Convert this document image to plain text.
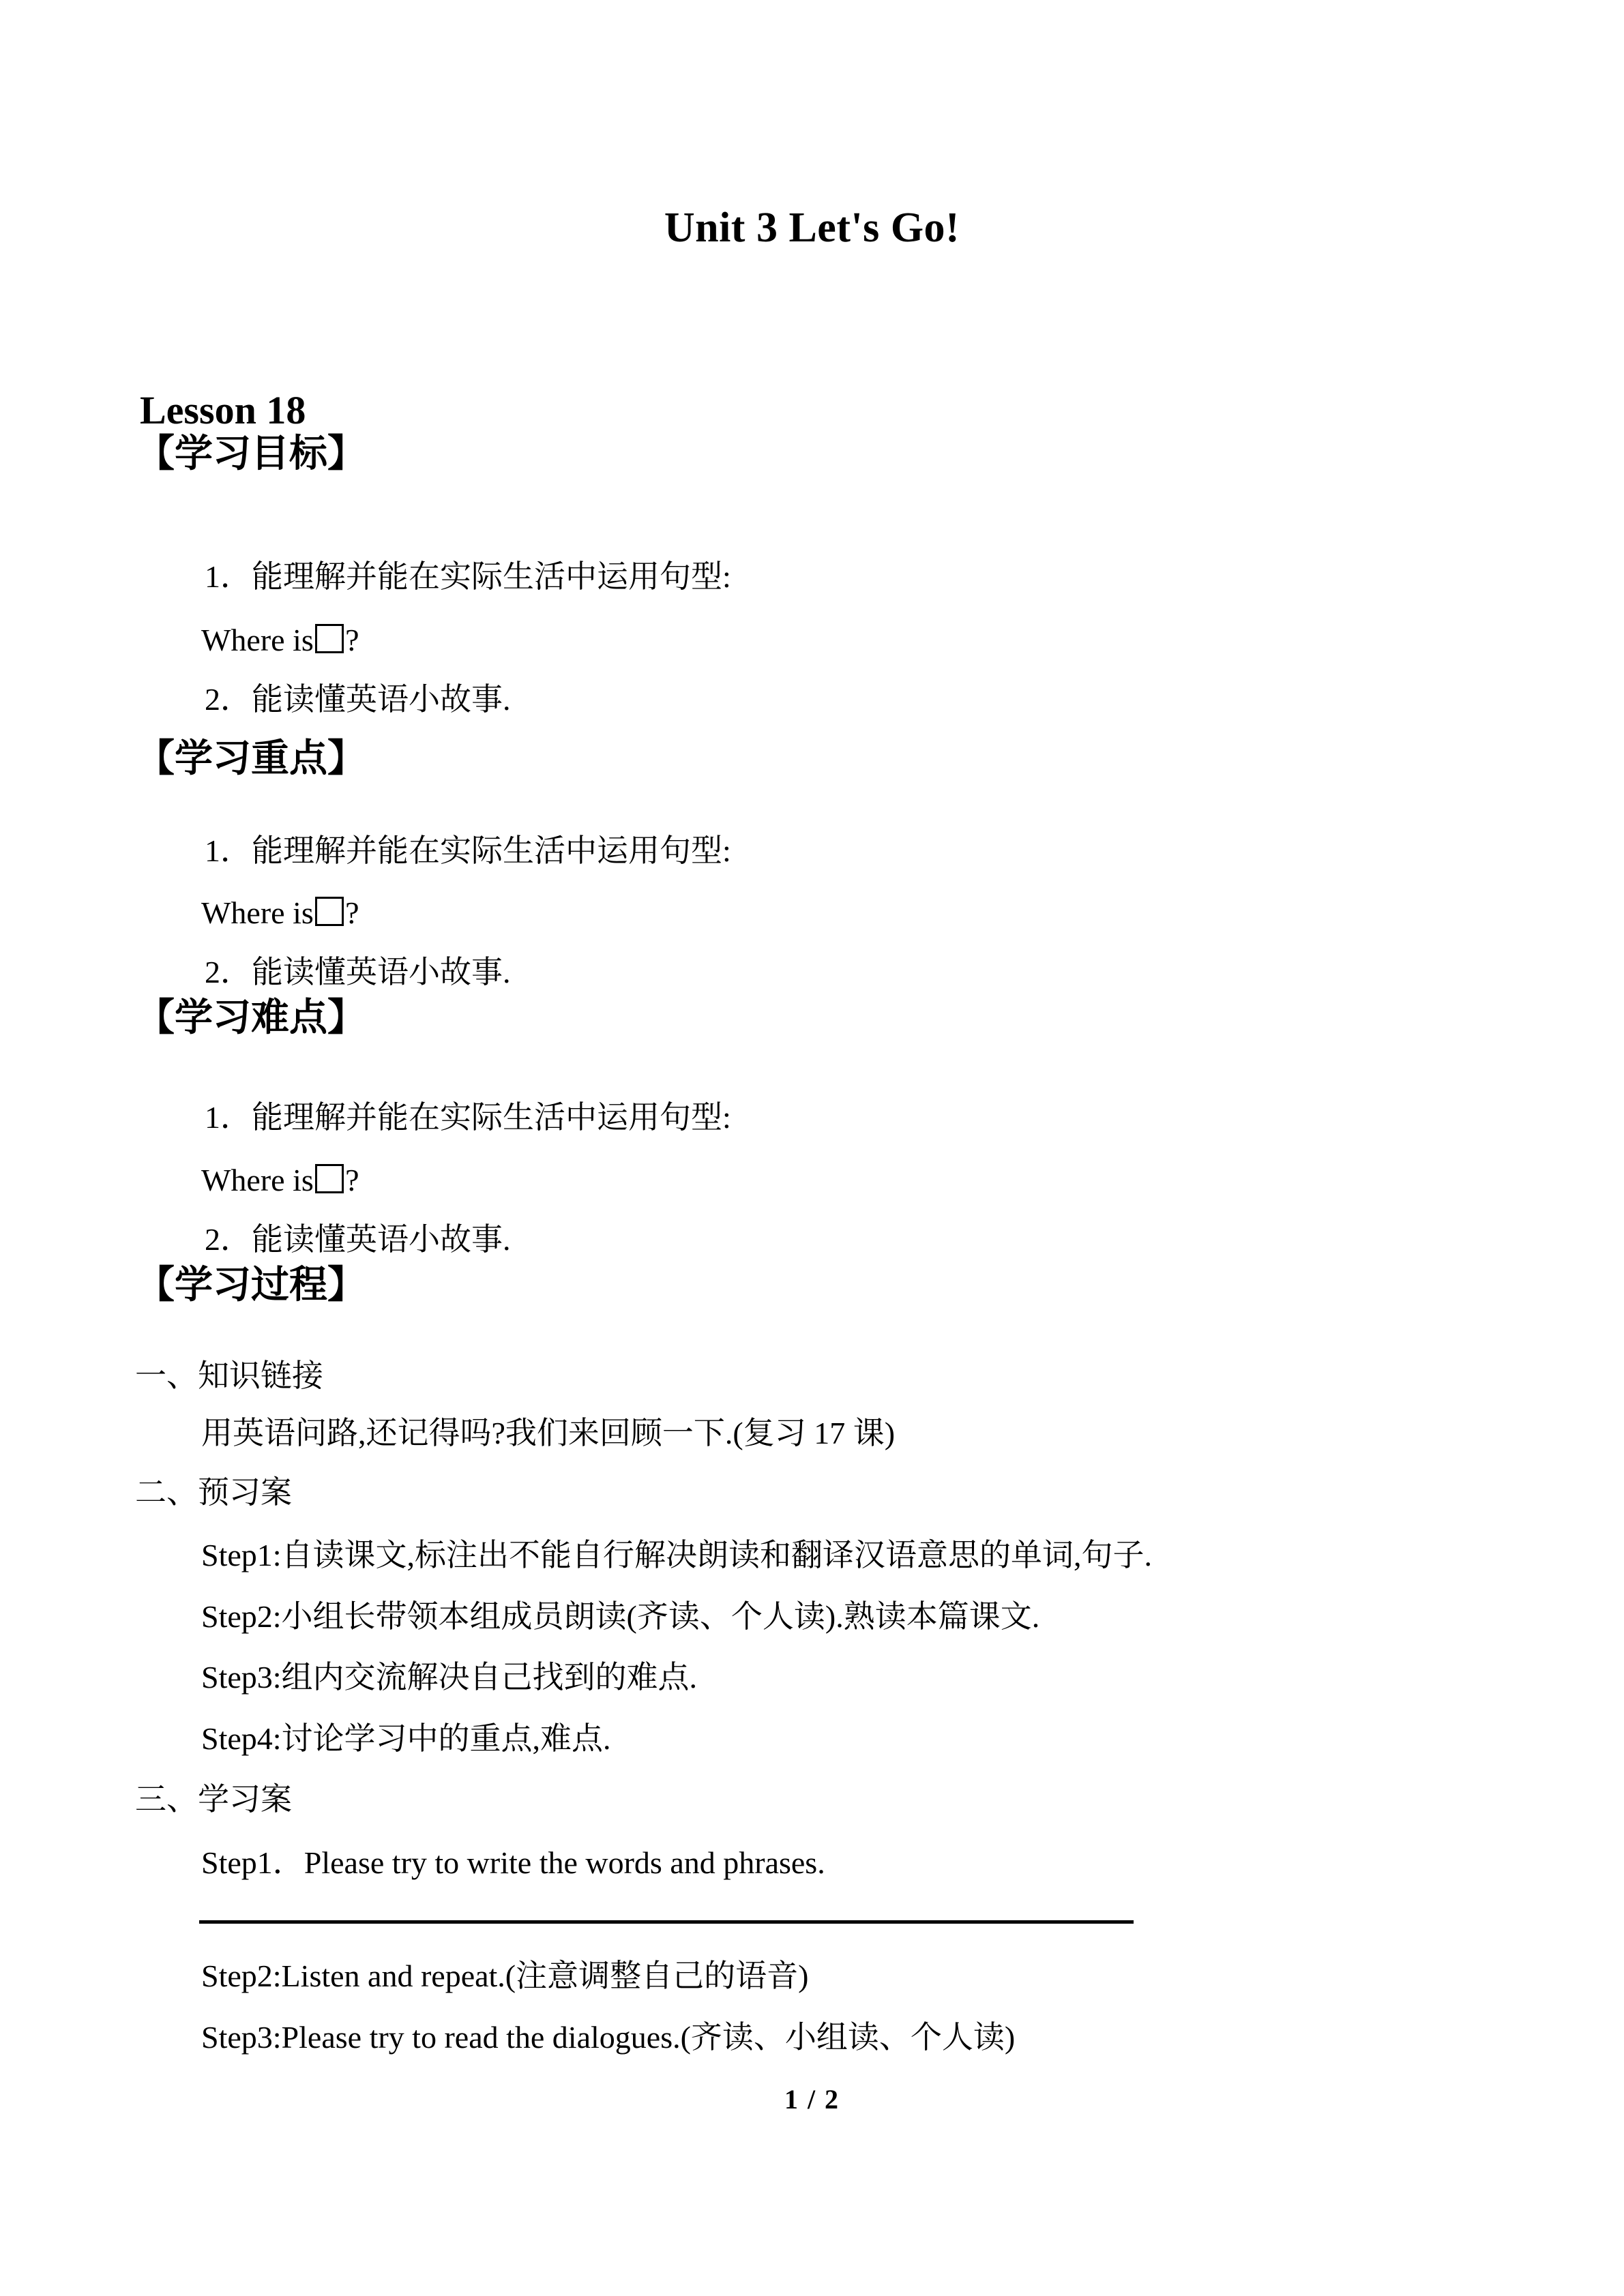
Unit 3 Let's Go!
Lesson 18
【学习目标】
1．能理解并能在实际生活中运用句型:
Where is ?
2．能读懂英语小故事.
【学习重点】
1．能理解并能在实际生活中运用句型:
Where is ?
2．能读懂英语小故事.
【学习难点】
1．能理解并能在实际生活中运用句型:
Where is ?
2．能读懂英语小故事.
【学习过程】
一、知识链接
用英语问路,还记得吗?我们来回顾一下.(复习 17 课)
二、预习案
Step1:自读课文,标注出不能自行解决朗读和翻译汉语意思的单词,句子.
Step2:小组长带领本组成员朗读(齐读、个人读).熟读本篇课文.
Step3:组内交流解决自己找到的难点.
Step4:讨论学习中的重点,难点.
三、学习案
Step1．Please try to write the words and phrases.
Step2:Listen and repeat.(注意调整自己的语音)
Step3:Please try to read the dialogues.(齐读、小组读、个人读)
1 / 2
